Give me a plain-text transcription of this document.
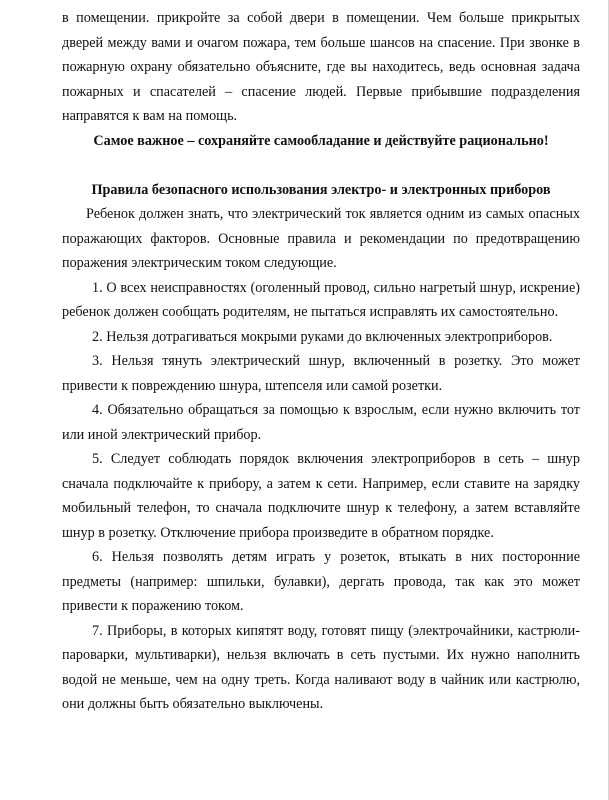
в помещении. прикройте за собой двери в помещении. Чем больше прикрытых дверей между вами и очагом пожара, тем больше шансов на спасение. При звонке в пожарную охрану обязательно объясните, где вы находитесь, ведь основная задача пожарных и спасателей – спасение людей. Первые прибывшие подразделения направятся к вам на помощь.

Самое важное – сохраняйте самообладание и действуйте рационально!

Правила безопасного использования электро- и электронных приборов

Ребенок должен знать, что электрический ток является одним из самых опасных поражающих факторов. Основные правила и рекомендации по предотвращению поражения электрическим током следующие.

1. О всех неисправностях (оголенный провод, сильно нагретый шнур, искрение) ребенок должен сообщать родителям, не пытаться исправлять их самостоятельно.

2. Нельзя дотрагиваться мокрыми руками до включенных электроприборов.

3. Нельзя тянуть электрический шнур, включенный в розетку. Это может привести к повреждению шнура, штепселя или самой розетки.

4. Обязательно обращаться за помощью к взрослым, если нужно включить тот или иной электрический прибор.

5. Следует соблюдать порядок включения электроприборов в сеть – шнур сначала подключайте к прибору, а затем к сети. Например, если ставите на зарядку мобильный телефон, то сначала подключите шнур к телефону, а затем вставляйте шнур в розетку. Отключение прибора произведите в обратном порядке.

6. Нельзя позволять детям играть у розеток, втыкать в них посторонние предметы (например: шпильки, булавки), дергать провода, так как это может привести к поражению током.

7. Приборы, в которых кипятят воду, готовят пищу (электрочайники, кастрюли-пароварки, мультиварки), нельзя включать в сеть пустыми. Их нужно наполнить водой не меньше, чем на одну треть. Когда наливают воду в чайник или кастрюлю, они должны быть обязательно выключены.
